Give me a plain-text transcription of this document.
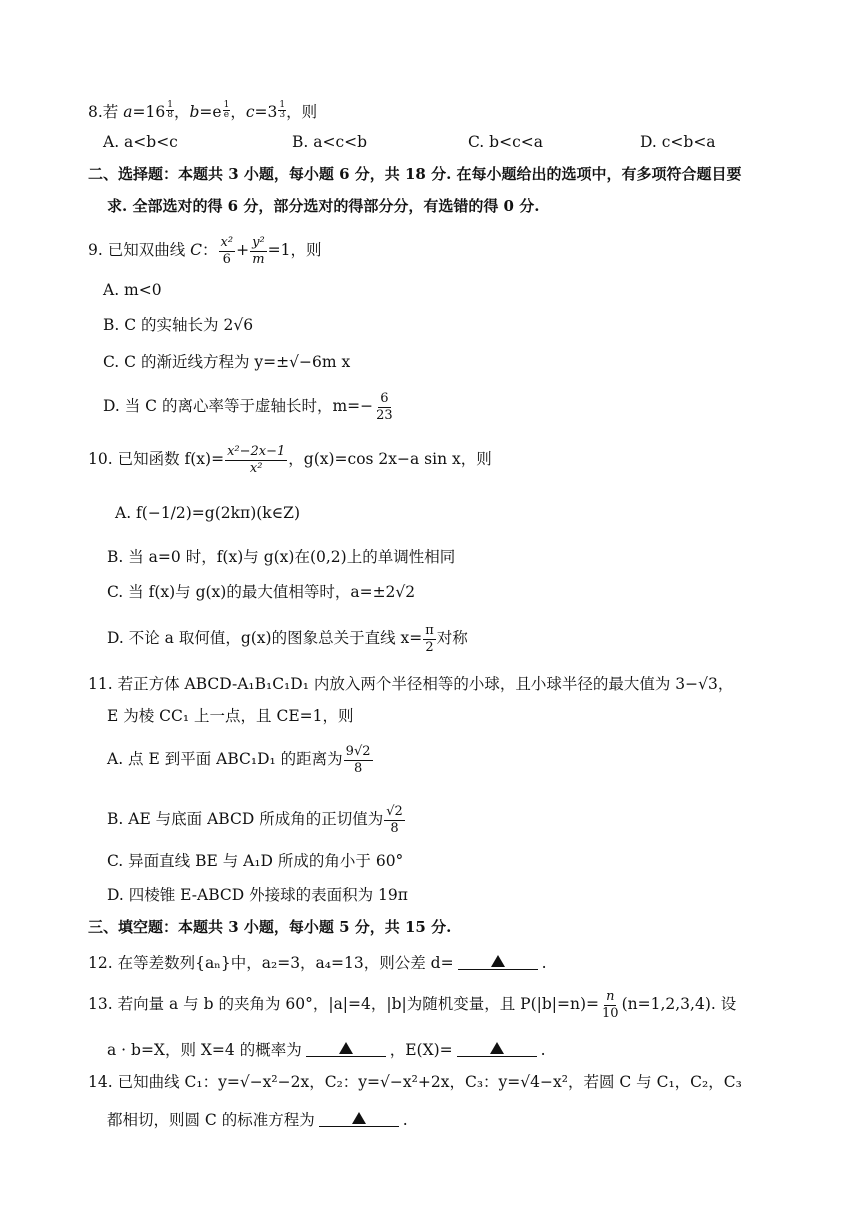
8.若 $a=16 \frac{1}{8}$ ，$b=e \frac{1}{e}$ ，$c=3 \frac{1}{3}$ ，则
A. a<b<c	B. a<c<b	C. b<c<a	D. c<b<a
二、选择题：本题共 3 小题，每小题 6 分，共 18 分. 在每小题给出的选项中，有多项符合题目要
求. 全部选对的得 6 分，部分选对的得部分分，有选错的得 0 分.
9. 已知双曲线 C： $\frac{\text{x²}}{6} + \frac{\text{y²}}{m} =1$，则
A. m<0
B. C 的实轴长为 2√6
C. C 的渐近线方程为 y=±√−6m x
D. 当 C 的离心率等于虚轴长时，$m=- \frac{6}{23}$
10. 已知函数 $f(x)= \frac{\text{x²−2x−1}}{\text{x²}}$ ，g(x)=cos 2x−a sin x，则
A. f(−1/2)=g(2kπ)(k∈Z)
B. 当 a=0 时，f(x)与 g(x)在(0,2)上的单调性相同
C. 当 f(x)与 g(x)的最大值相等时，a=±2√2
D. 不论 a 取何值，g(x)的图象总关于直线 $x= \frac{\pi}{2}$ 对称
11. 若正方体 ABCD-A₁B₁C₁D₁ 内放入两个半径相等的小球，且小球半径的最大值为 3−√3，
E 为棱 CC₁ 上一点，且 CE=1，则
A. 点 E 到平面 ABC₁D₁ 的距离为 $\frac{9√2}{8}$
B. AE 与底面 ABCD 所成角的正切值为 $\frac{√2}{8}$
C. 异面直线 BE 与 A₁D 所成的角小于 60°
D. 四棱锥 E-ABCD 外接球的表面积为 19π
三、填空题：本题共 3 小题，每小题 5 分，共 15 分.
12. 在等差数列{aₙ}中，a₂=3，a₄=13，则公差 d=	.
13. 若向量 a 与 b 的夹角为 60°，|a|=4，|b|为随机变量，且 $P(|b|=n)= \frac{n}{10} (n=1,2,3,4)$. 设
a · b=X，则 X=4 的概率为	，E(X)=	.
14. 已知曲线 C₁：y=√−x²−2x，C₂：y=√−x²+2x，C₃：y=√4−x²，若圆 C 与 C₁，C₂，C₃
都相切，则圆 C 的标准方程为	.
